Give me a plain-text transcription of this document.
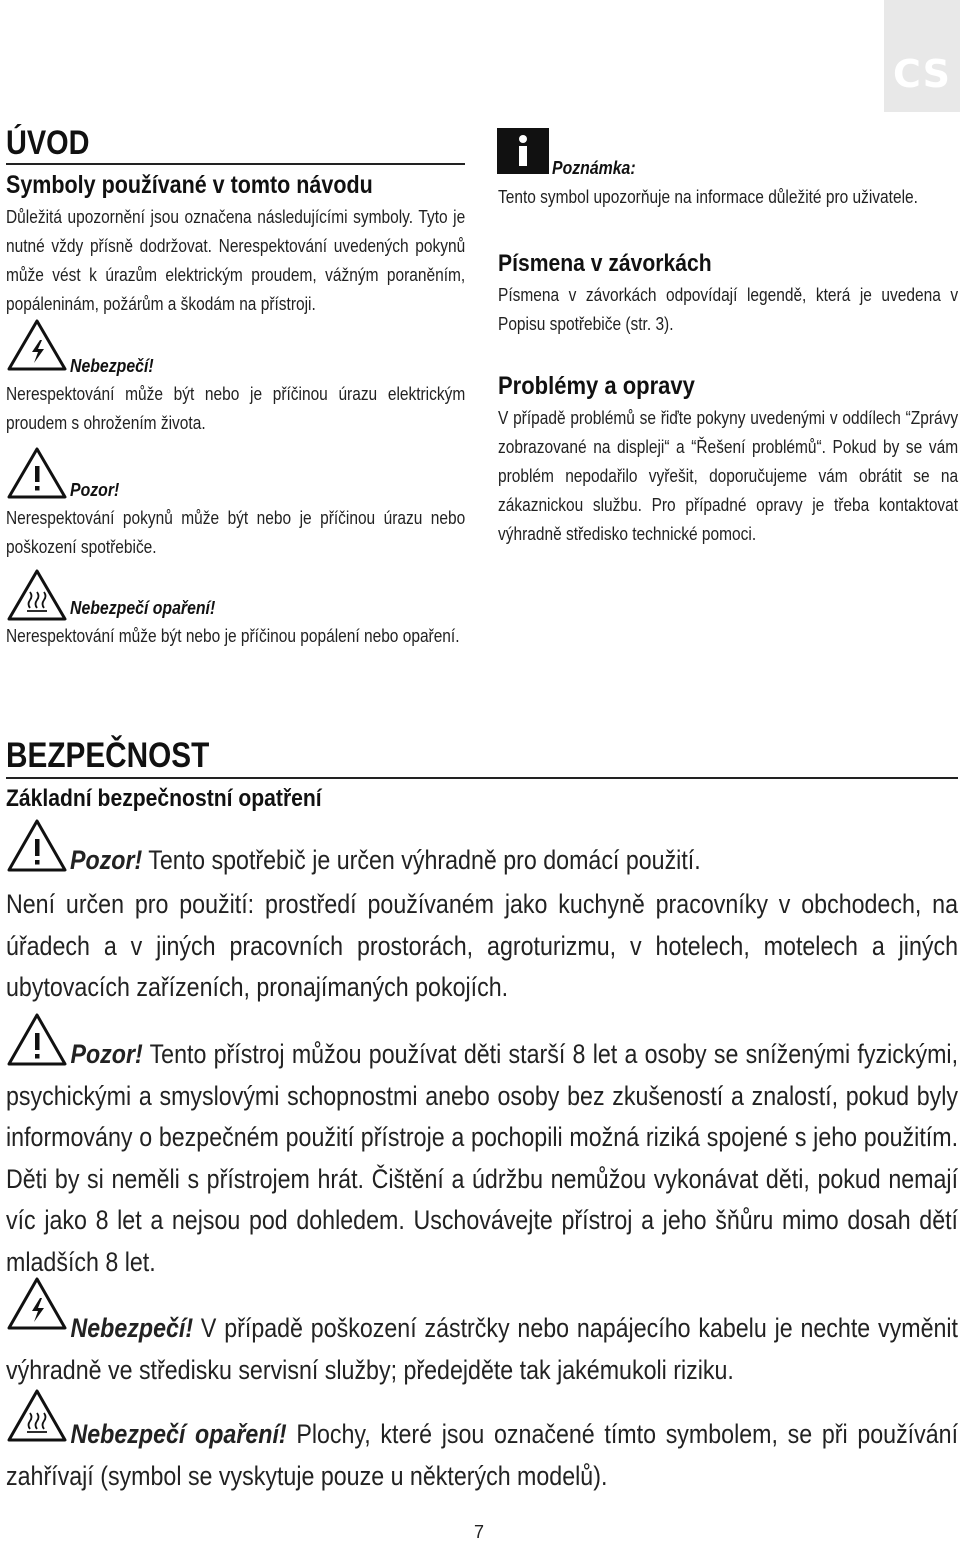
CS
ÚVOD
Symboly používané v tomto návodu
Důležitá upozornění jsou označena následujícími symboly. Tyto je nutné vždy přísně dodržovat. Nerespektování uvedených pokynů může vést k úrazům elektrickým proudem, vážným poraněním, popáleninám, požárům a škodám na přístroji.
Nebezpečí!
Nerespektování může být nebo je příčinou úrazu elektrickým proudem s ohrožením života.
Pozor!
Nerespektování pokynů může být nebo je příčinou úrazu nebo poškození spotřebiče.
Nebezpečí opaření!
Nerespektování může být nebo je příčinou popálení nebo opaření.
Poznámka:
Tento symbol upozorňuje na informace důležité pro uživatele.
Písmena v závorkách
Písmena v závorkách odpovídají legendě, která je uvedena v Popisu spotřebiče (str. 3).
Problémy a opravy
V případě problémů se řiďte pokyny uvedenými v oddílech “Zprávy zobrazované na displeji“ a “Řešení problémů“. Pokud by se vám problém nepodařilo vyřešit, doporučujeme vám obrátit se na zákaznickou službu. Pro případné opravy je třeba kontaktovat výhradně středisko technické pomoci.
BEZPEČNOST
Základní bezpečnostní opatření
Pozor! Tento spotřebič je určen výhradně pro domácí použití.
Není určen pro použití: prostředí používaném jako kuchyně pracovníky v obchodech, na úřadech a v jiných pracovních prostorách, agroturizmu, v hotelech, motelech a jiných ubytovacích zařízeních, pronajímaných pokojích.
Pozor! Tento přístroj můžou používat děti starší 8 let a osoby se sníženými fyzickými, psychickými a smyslovými schopnostmi anebo osoby bez zkušeností a znalostí, pokud byly informovány o bezpečném použití přístroje a pochopili možná riziká spojené s jeho použitím. Děti by si neměli s přístrojem hrát. Čištění a údržbu nemůžou vykonávat děti, pokud nemají víc jako 8 let a nejsou pod dohledem. Uschovávejte přístroj a jeho šňůru mimo dosah dětí mladších 8 let.
Nebezpečí! V případě poškození zástrčky nebo napájecího kabelu je nechte vyměnit výhradně ve středisku servisní služby; předejděte tak jakémukoli riziku.
Nebezpečí opaření! Plochy, které jsou označené tímto symbolem, se při používání zahřívají (symbol se vyskytuje pouze u některých modelů).
7
